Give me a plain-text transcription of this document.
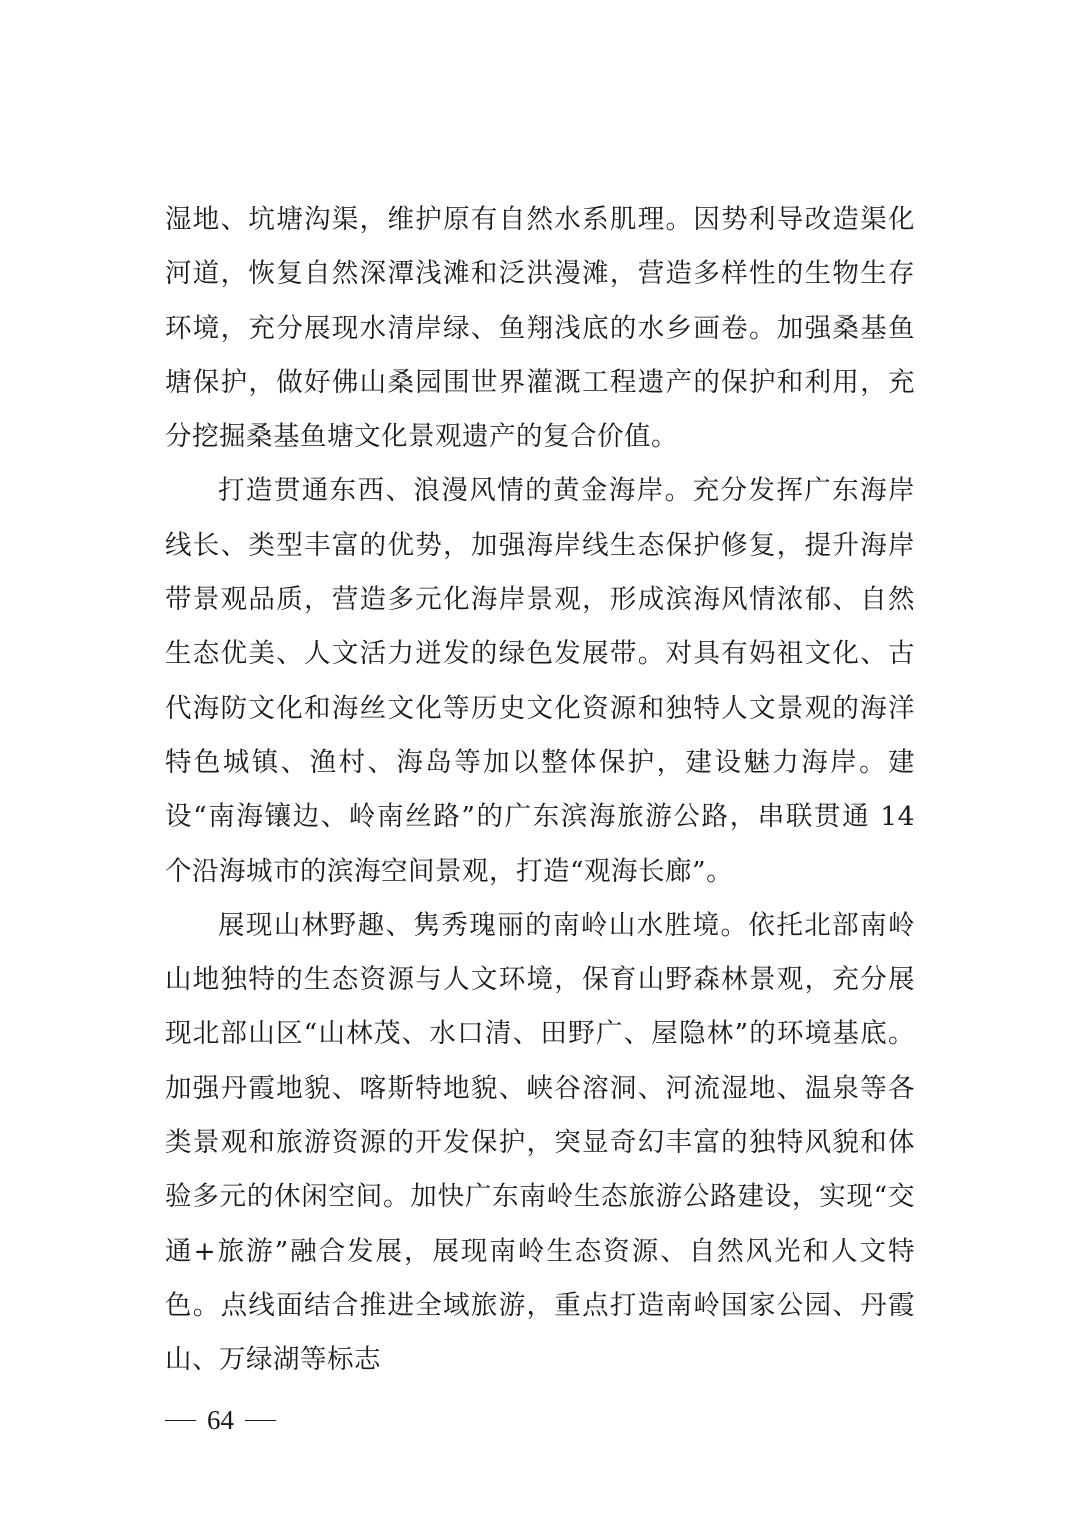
湿地、坑塘沟渠，维护原有自然水系肌理。因势利导改造渠化河道，恢复自然深潭浅滩和泛洪漫滩，营造多样性的生物生存环境，充分展现水清岸绿、鱼翔浅底的水乡画卷。加强桑基鱼塘保护，做好佛山桑园围世界灌溉工程遗产的保护和利用，充分挖掘桑基鱼塘文化景观遗产的复合价值。

打造贯通东西、浪漫风情的黄金海岸。充分发挥广东海岸线长、类型丰富的优势，加强海岸线生态保护修复，提升海岸带景观品质，营造多元化海岸景观，形成滨海风情浓郁、自然生态优美、人文活力迸发的绿色发展带。对具有妈祖文化、古代海防文化和海丝文化等历史文化资源和独特人文景观的海洋特色城镇、渔村、海岛等加以整体保护，建设魅力海岸。建设“南海镶边、岭南丝路”的广东滨海旅游公路，串联贯通 14 个沿海城市的滨海空间景观，打造“观海长廊”。

展现山林野趣、隽秀瑰丽的南岭山水胜境。依托北部南岭山地独特的生态资源与人文环境，保育山野森林景观，充分展现北部山区“山林茂、水口清、田野广、屋隐林”的环境基底。加强丹霞地貌、喀斯特地貌、峡谷溶洞、河流湿地、温泉等各类景观和旅游资源的开发保护，突显奇幻丰富的独特风貌和体验多元的休闲空间。加快广东南岭生态旅游公路建设，实现“交通+旅游”融合发展，展现南岭生态资源、自然风光和人文特色。点线面结合推进全域旅游，重点打造南岭国家公园、丹霞山、万绿湖等标志

64
